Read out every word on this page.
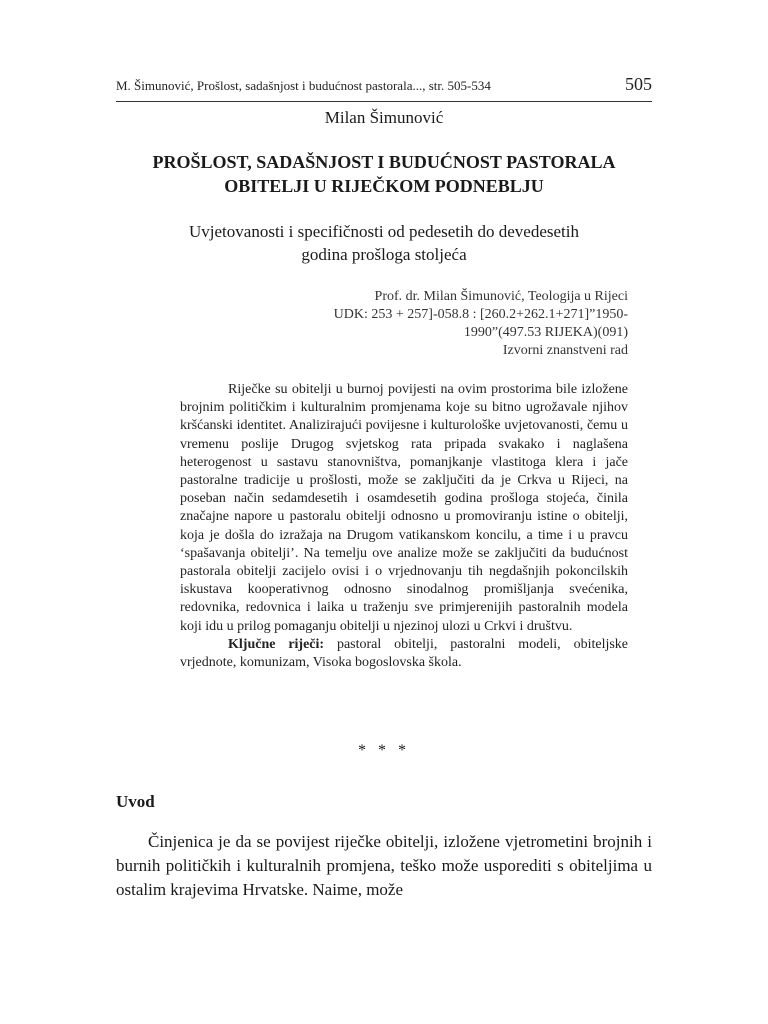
M. Šimunović, Prošlost, sadašnjost i budućnost pastorala..., str. 505-534	505
Milan Šimunović
PROŠLOST, SADAŠNJOST I BUDUĆNOST PASTORALA
OBITELJI U RIJEČKOM PODNEBLJU
Uvjetovanosti i specifičnosti od pedesetih do devedesetih
godina prošloga stoljeća
Prof. dr. Milan Šimunović, Teologija u Rijeci
UDK: 253 + 257]-058.8 : [260.2+262.1+271]”1950-
1990”(497.53 RIJEKA)(091)
Izvorni znanstveni rad

Riječke su obitelji u burnoj povijesti na ovim prostorima bile izložene brojnim političkim i kulturalnim promjenama koje su bitno ugrožavale njihov kršćanski identitet. Analizirajući povijesne i kulturološke uvjetovanosti, čemu u vremenu poslije Drugog svjetskog rata pripada svakako i naglašena heterogenost u sastavu stanovništva, pomanjkanje vlastitoga klera i jače pastoralne tradicije u prošlosti, može se zaključiti da je Crkva u Rijeci, na poseban način sedamdesetih i osamdesetih godina prošloga stojeća, činila značajne napore u pastoralu obitelji odnosno u promoviranju istine o obitelji, koja je došla do izražaja na Drugom vatikanskom koncilu, a time i u pravcu ‘spašavanja obitelji’. Na temelju ove analize može se zaključiti da budućnost pastorala obitelji zacijelo ovisi i o vrjednovanju tih negdašnjih pokoncilskih iskustava kooperativnog odnosno sinodalnog promišljanja svećenika, redovnika, redovnica i laika u traženju sve primjerenijih pastoralnih modela koji idu u prilog pomaganju obitelji u njezinoj ulozi u Crkvi i društvu.

Ključne riječi: pastoral obitelji, pastoralni modeli, obiteljske vrjednote, komunizam, Visoka bogoslovska škola.

* * *
Uvod

Činjenica je da se povijest riječke obitelji, izložene vjetrometini brojnih i burnih političkih i kulturalnih promjena, teško može usporediti s obiteljima u ostalim krajevima Hrvatske. Naime, može
